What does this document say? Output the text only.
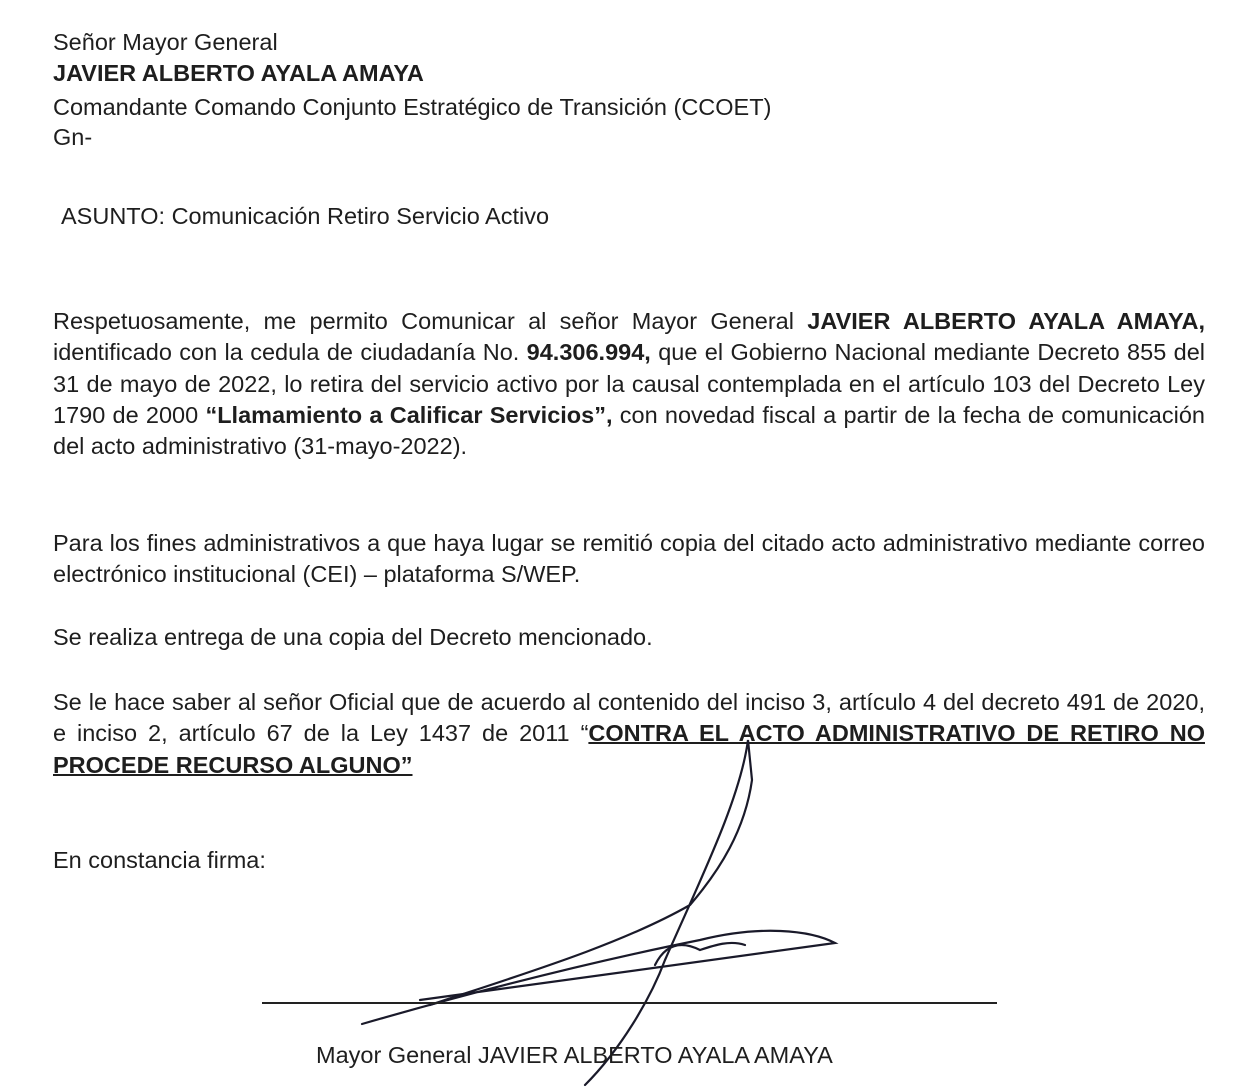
Señor Mayor General
JAVIER ALBERTO AYALA AMAYA
Comandante Comando Conjunto Estratégico de Transición (CCOET)
Gn-
ASUNTO: Comunicación Retiro Servicio Activo
Respetuosamente, me permito Comunicar al señor Mayor General JAVIER ALBERTO AYALA AMAYA, identificado con la cedula de ciudadanía No. 94.306.994, que el Gobierno Nacional mediante Decreto 855 del 31 de mayo de 2022, lo retira del servicio activo por la causal contemplada en el artículo 103 del Decreto Ley 1790 de 2000 “Llamamiento a Calificar Servicios”, con novedad fiscal a partir de la fecha de comunicación del acto administrativo (31-mayo-2022).
Para los fines administrativos a que haya lugar se remitió copia del citado acto administrativo mediante correo electrónico institucional (CEI) – plataforma S/WEP.
Se realiza entrega de una copia del Decreto mencionado.
Se le hace saber al señor Oficial que de acuerdo al contenido del inciso 3, artículo 4 del decreto 491 de 2020, e inciso 2, artículo 67 de la Ley 1437 de 2011 “CONTRA EL ACTO ADMINISTRATIVO DE RETIRO NO PROCEDE RECURSO ALGUNO”
En constancia firma:
Mayor General JAVIER ALBERTO AYALA AMAYA
